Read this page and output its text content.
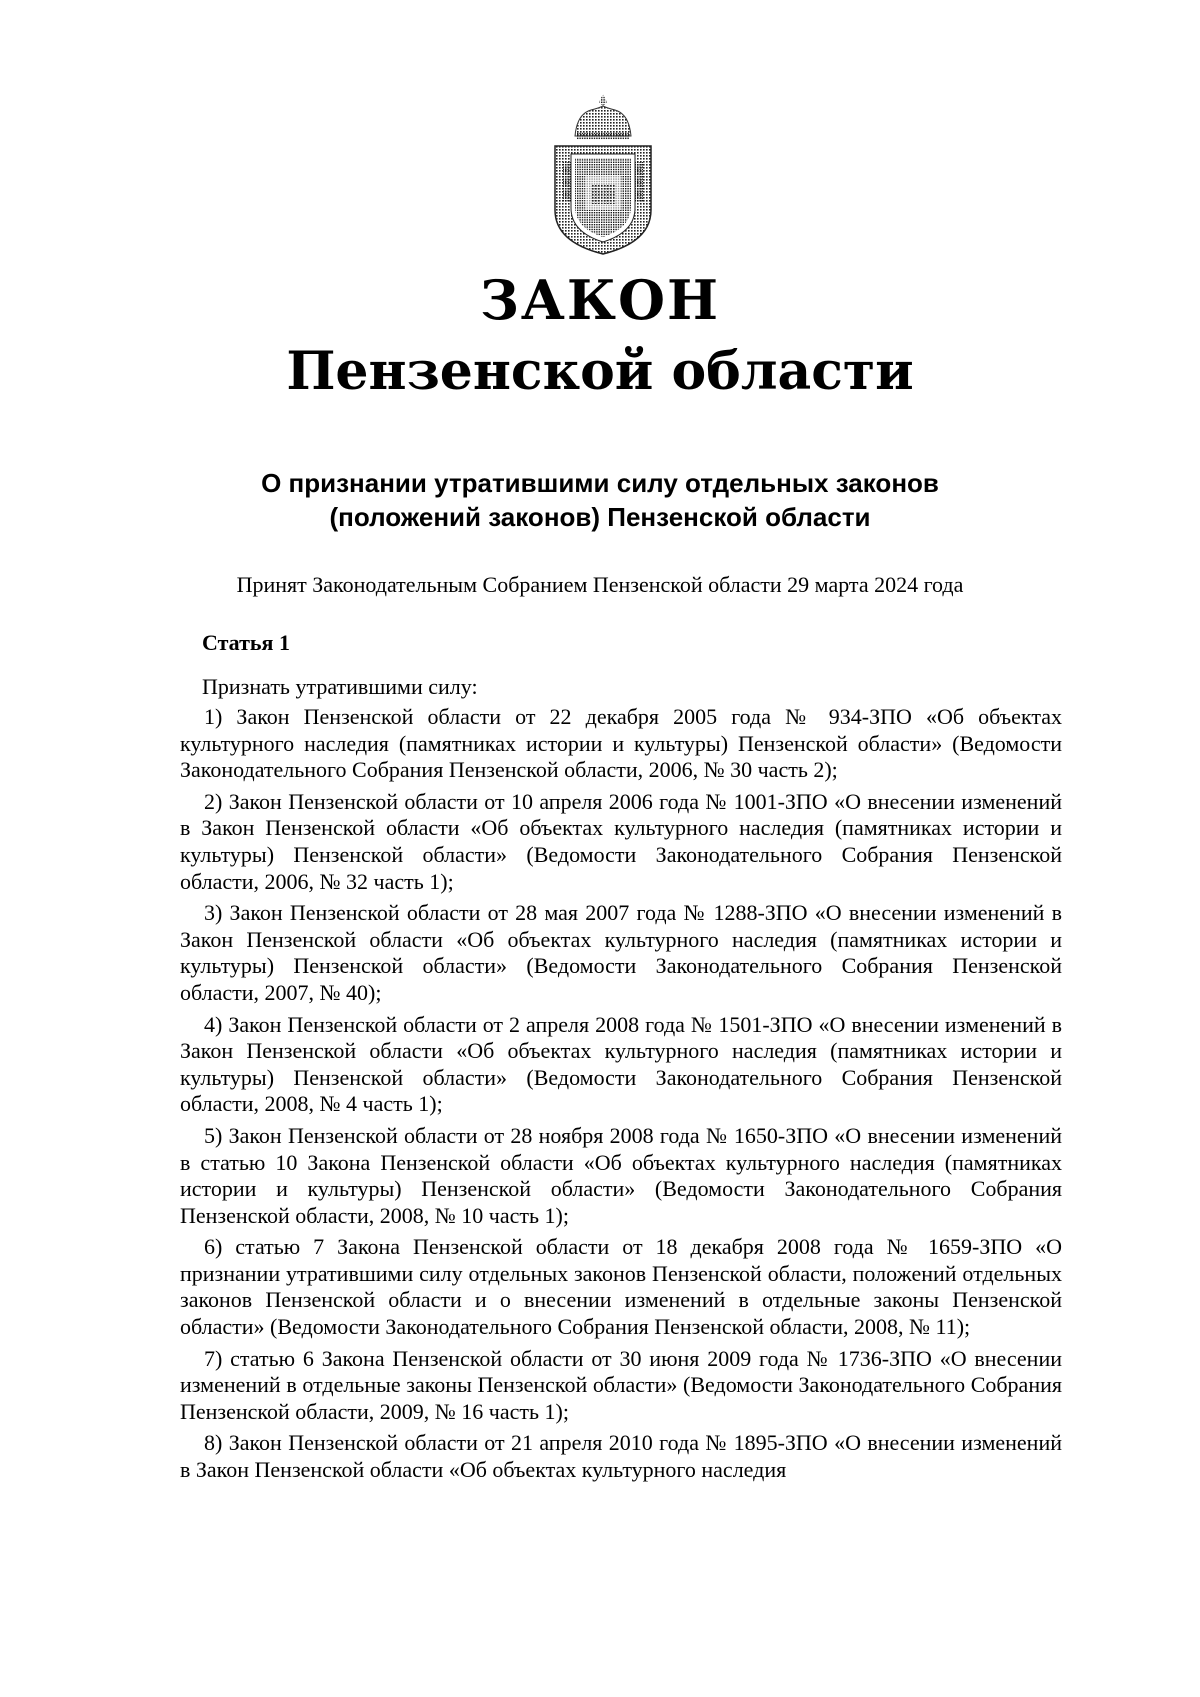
ЗАКОН
Пензенской области
О признании утратившими силу отдельных законов
(положений законов) Пензенской области
Принят Законодательным Собранием Пензенской области 29 марта 2024 года
Статья 1
Признать утратившими силу:
1) Закон Пензенской области от 22 декабря 2005 года № 934-ЗПО «Об объектах культурного наследия (памятниках истории и культуры) Пензенской области» (Ведомости Законодательного Собрания Пензенской области, 2006, № 30 часть 2);
2) Закон Пензенской области от 10 апреля 2006 года № 1001-ЗПО «О внесении изменений в Закон Пензенской области «Об объектах культурного наследия (памятниках истории и культуры) Пензенской области» (Ведомости Законодательного Собрания Пензенской области, 2006, № 32 часть 1);
3) Закон Пензенской области от 28 мая 2007 года № 1288-ЗПО «О внесении изменений в Закон Пензенской области «Об объектах культурного наследия (памятниках истории и культуры) Пензенской области» (Ведомости Законодательного Собрания Пензенской области, 2007, № 40);
4) Закон Пензенской области от 2 апреля 2008 года № 1501-ЗПО «О внесении изменений в Закон Пензенской области «Об объектах культурного наследия (памятниках истории и культуры) Пензенской области» (Ведомости Законодательного Собрания Пензенской области, 2008, № 4 часть 1);
5) Закон Пензенской области от 28 ноября 2008 года № 1650-ЗПО «О внесении изменений в статью 10 Закона Пензенской области «Об объектах культурного наследия (памятниках истории и культуры) Пензенской области» (Ведомости Законодательного Собрания Пензенской области, 2008, № 10 часть 1);
6) статью 7 Закона Пензенской области от 18 декабря 2008 года № 1659-ЗПО «О признании утратившими силу отдельных законов Пензенской области, положений отдельных законов Пензенской области и о внесении изменений в отдельные законы Пензенской области» (Ведомости Законодательного Собрания Пензенской области, 2008, № 11);
7) статью 6 Закона Пензенской области от 30 июня 2009 года № 1736-ЗПО «О внесении изменений в отдельные законы Пензенской области» (Ведомости Законодательного Собрания Пензенской области, 2009, № 16 часть 1);
8) Закон Пензенской области от 21 апреля 2010 года № 1895-ЗПО «О внесении изменений в Закон Пензенской области «Об объектах культурного наследия
